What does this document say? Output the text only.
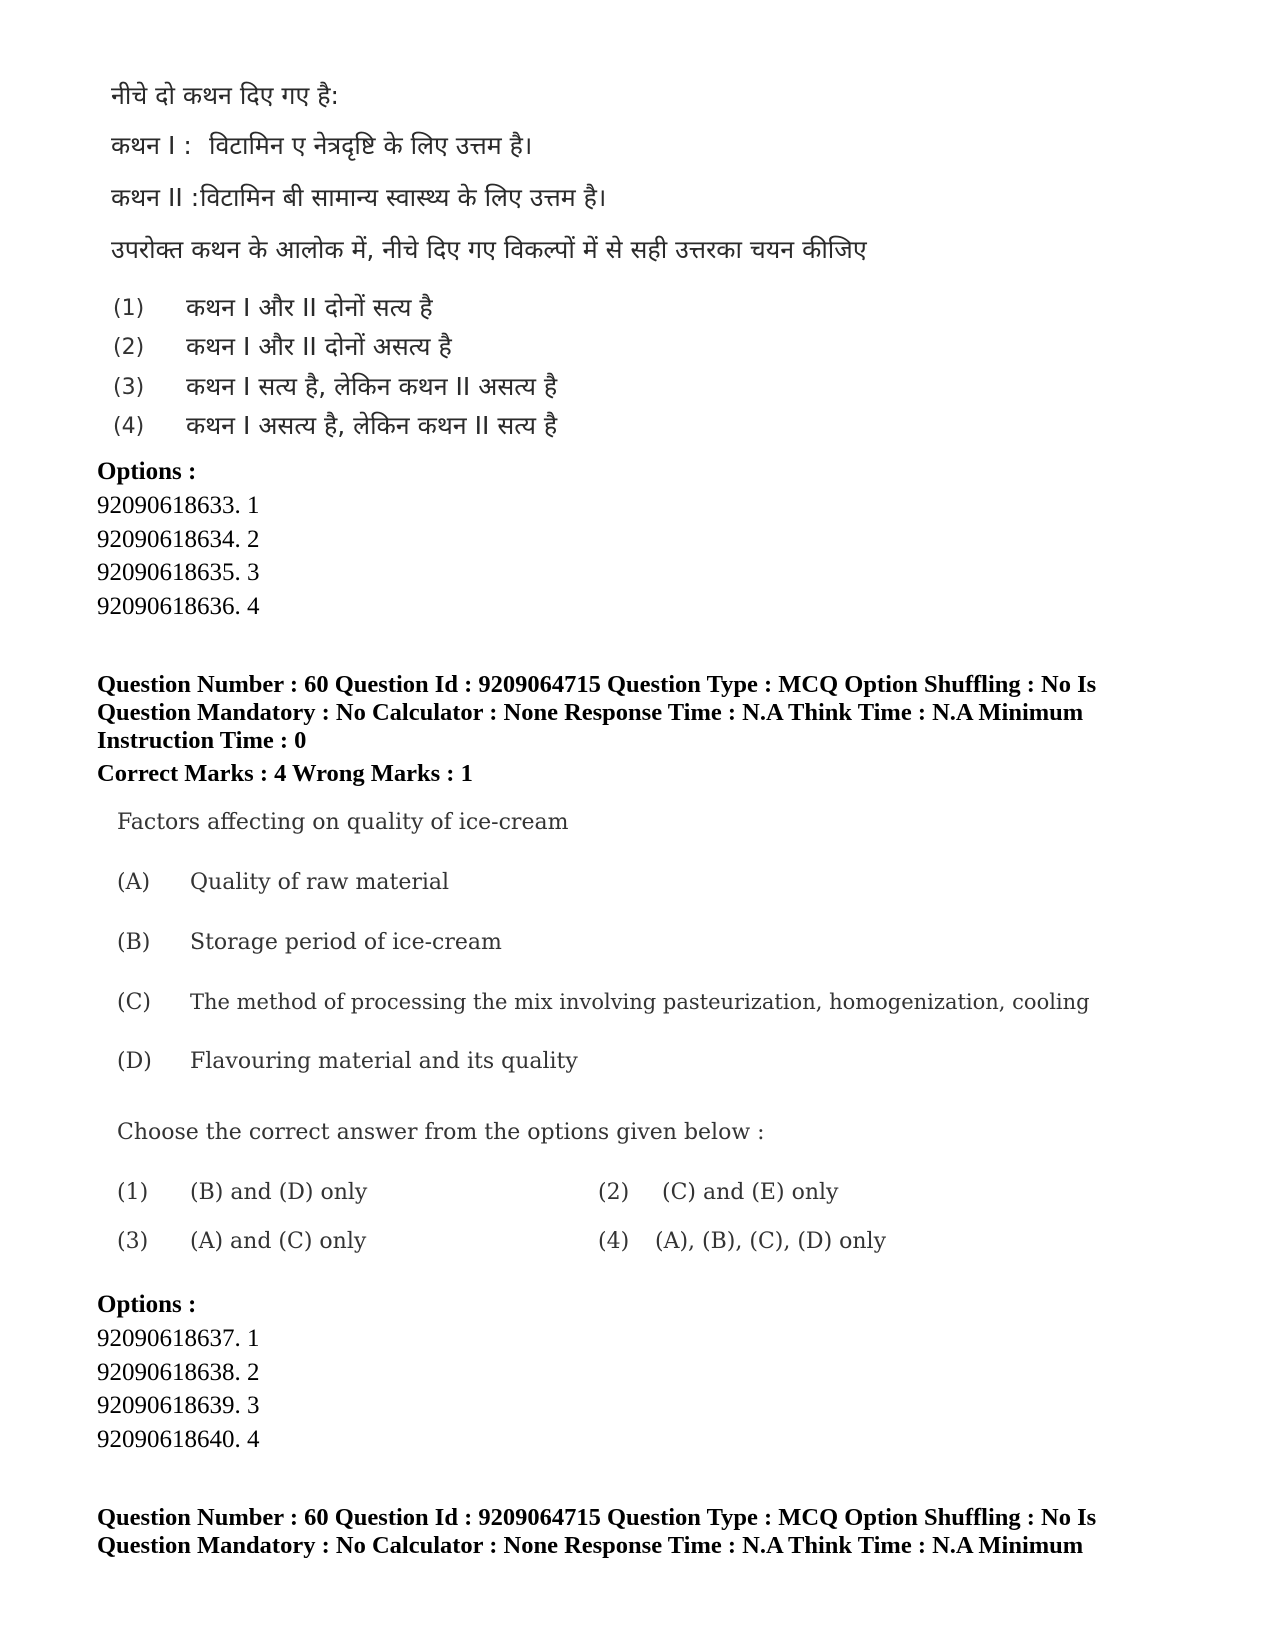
नीचे दो कथन दिए गए है:
कथन I : विटामिन ए नेत्रदृष्टि के लिए उत्तम है।
कथन II : विटामिन बी सामान्य स्वास्थ्य के लिए उत्तम है।
उपरोक्त कथन के आलोक में, नीचे दिए गए विकल्पों में से सही उत्तरका चयन कीजिए
(1) कथन I और II दोनों सत्य है
(2) कथन I और II दोनों असत्य है
(3) कथन I सत्य है, लेकिन कथन II असत्य है
(4) कथन I असत्य है, लेकिन कथन II सत्य है
Options :
92090618633. 1
92090618634. 2
92090618635. 3
92090618636. 4
Question Number : 60 Question Id : 9209064715 Question Type : MCQ Option Shuffling : No Is
Question Mandatory : No Calculator : None Response Time : N.A Think Time : N.A Minimum
Instruction Time : 0
Correct Marks : 4 Wrong Marks : 1
Factors affecting on quality of ice-cream
(A) Quality of raw material
(B) Storage period of ice-cream
(C) The method of processing the mix involving pasteurization, homogenization, cooling
(D) Flavouring material and its quality
Choose the correct answer from the options given below :
(1) (B) and (D) only	(2) (C) and (E) only
(3) (A) and (C) only	(4) (A), (B), (C), (D) only
Options :
92090618637. 1
92090618638. 2
92090618639. 3
92090618640. 4
Question Number : 60 Question Id : 9209064715 Question Type : MCQ Option Shuffling : No Is
Question Mandatory : No Calculator : None Response Time : N.A Think Time : N.A Minimum
